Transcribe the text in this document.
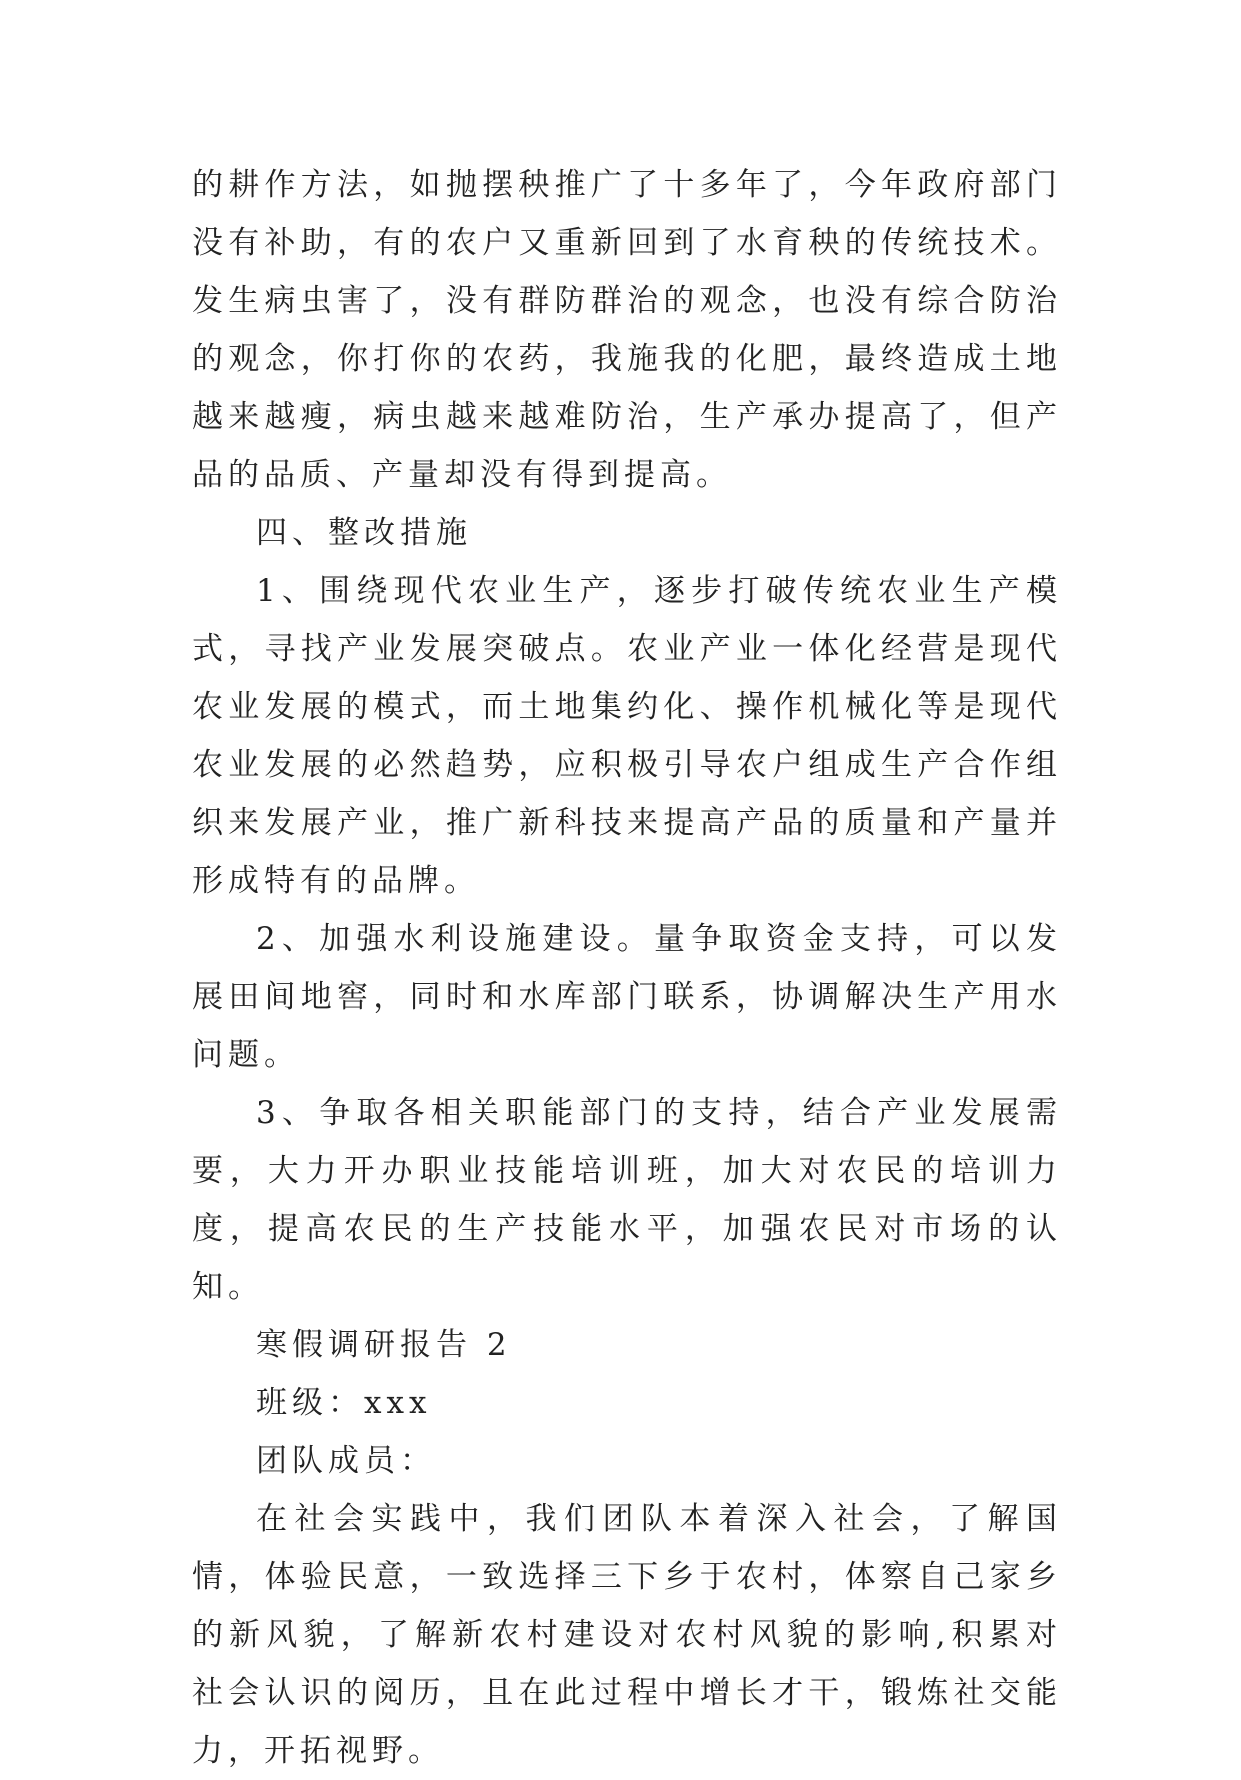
的耕作方法，如抛摆秧推广了十多年了，今年政府部门没有补助，有的农户又重新回到了水育秧的传统技术。发生病虫害了，没有群防群治的观念，也没有综合防治的观念，你打你的农药，我施我的化肥，最终造成土地越来越瘦，病虫越来越难防治，生产承办提高了，但产品的品质、产量却没有得到提高。

四、整改措施

1、围绕现代农业生产，逐步打破传统农业生产模式，寻找产业发展突破点。农业产业一体化经营是现代农业发展的模式，而土地集约化、操作机械化等是现代农业发展的必然趋势，应积极引导农户组成生产合作组织来发展产业，推广新科技来提高产品的质量和产量并形成特有的品牌。

2、加强水利设施建设。量争取资金支持，可以发展田间地窖，同时和水库部门联系，协调解决生产用水问题。

3、争取各相关职能部门的支持，结合产业发展需要，大力开办职业技能培训班，加大对农民的培训力度，提高农民的生产技能水平，加强农民对市场的认知。

寒假调研报告 2

班级：xxx

团队成员：

在社会实践中，我们团队本着深入社会，了解国情，体验民意，一致选择三下乡于农村，体察自己家乡的新风貌，了解新农村建设对农村风貌的影响,积累对社会认识的阅历，且在此过程中增长才干，锻炼社交能力，开拓视野。
